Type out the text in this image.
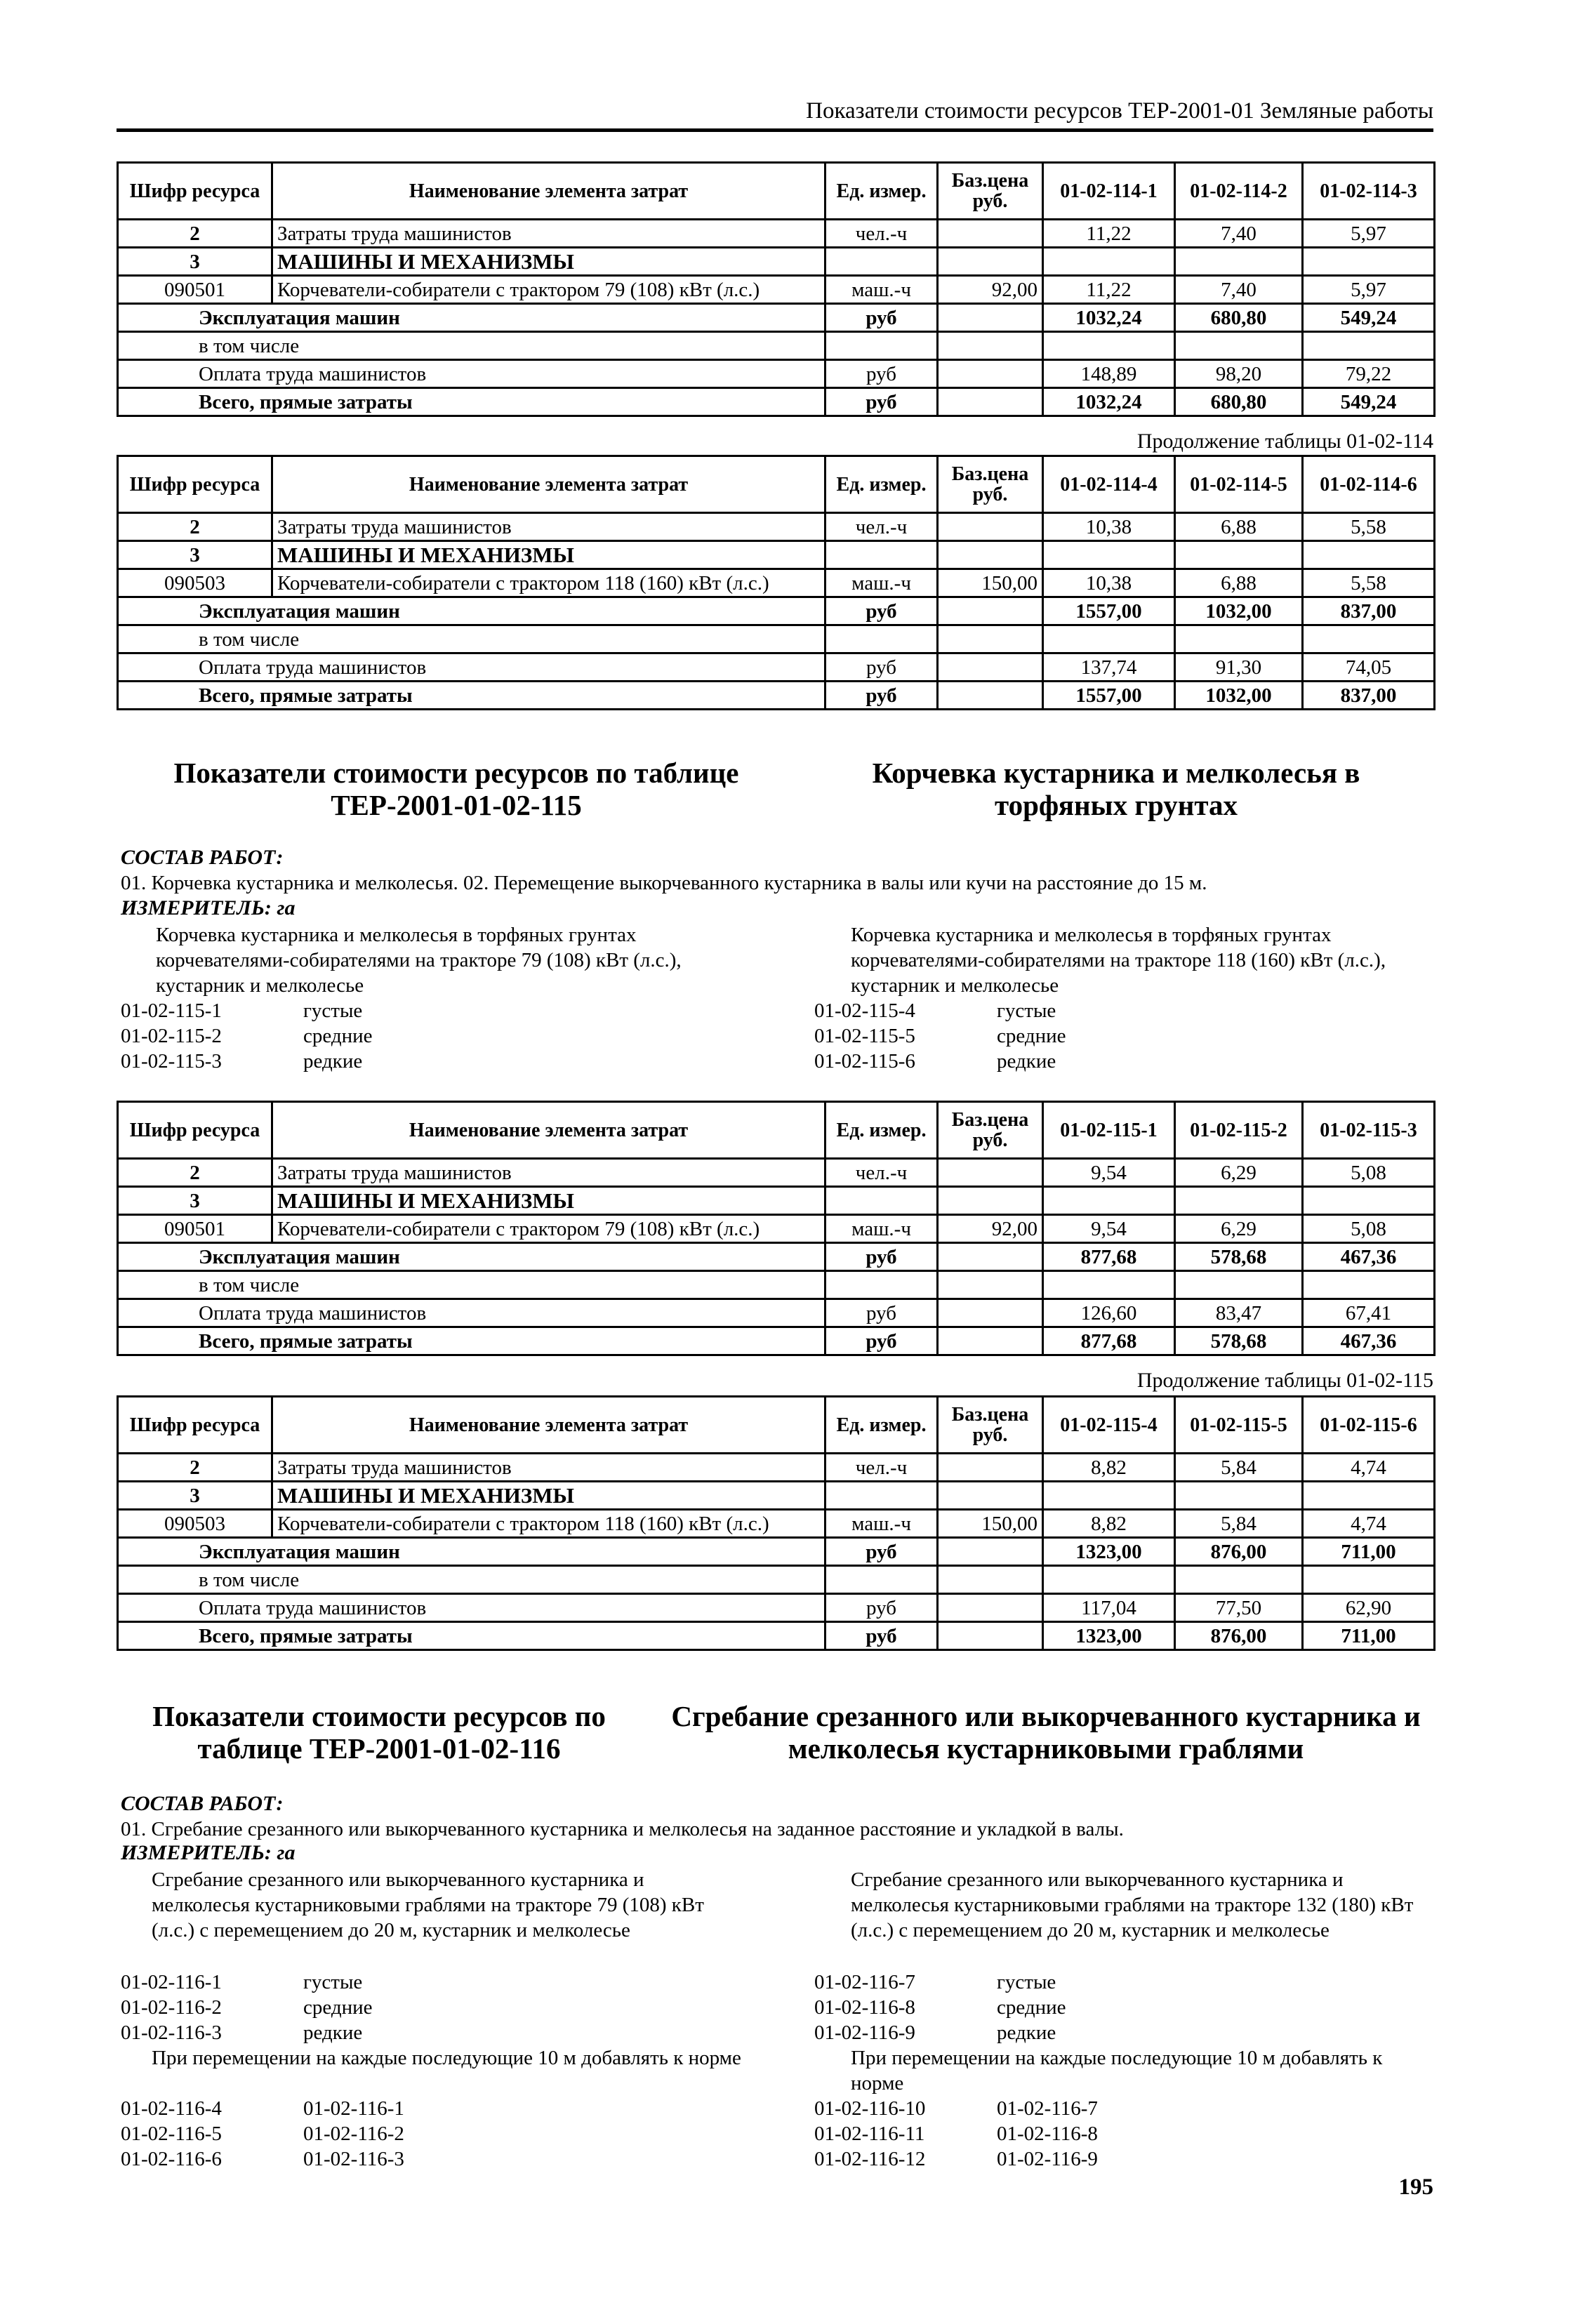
Показатели стоимости ресурсов ТЕР-2001-01 Земляные работы
Шифр ресурса	Наименование элемента затрат	Ед. измер.	Баз.цена руб.	01-02-114-1	01-02-114-2	01-02-114-3
2	Затраты труда машинистов	чел.-ч		11,22	7,40	5,97
3	МАШИНЫ И МЕХАНИЗМЫ					
090501	Корчеватели-собиратели с трактором 79 (108) кВт (л.с.)	маш.-ч	92,00	11,22	7,40	5,97
Эксплуатация машин		руб		1032,24	680,80	549,24
в том числе						
Оплата труда машинистов		руб		148,89	98,20	79,22
Всего, прямые затраты		руб		1032,24	680,80	549,24
Продолжение таблицы 01-02-114
Шифр ресурса	Наименование элемента затрат	Ед. измер.	Баз.цена руб.	01-02-114-4	01-02-114-5	01-02-114-6
2	Затраты труда машинистов	чел.-ч		10,38	6,88	5,58
3	МАШИНЫ И МЕХАНИЗМЫ					
090503	Корчеватели-собиратели с трактором 118 (160) кВт (л.с.)	маш.-ч	150,00	10,38	6,88	5,58
Эксплуатация машин		руб		1557,00	1032,00	837,00
в том числе						
Оплата труда машинистов		руб		137,74	91,30	74,05
Всего, прямые затраты		руб		1557,00	1032,00	837,00
Показатели стоимости ресурсов по таблице ТЕР-2001-01-02-115
Корчевка кустарника и мелколесья в торфяных грунтах
СОСТАВ РАБОТ:
01. Корчевка кустарника и мелколесья. 02. Перемещение выкорчеванного кустарника в валы или кучи на расстояние до 15 м.
ИЗМЕРИТЕЛЬ: га
Корчевка кустарника и мелколесья в торфяных грунтах корчевателями-собирателями на тракторе 79 (108) кВт (л.с.), кустарник и мелколесье
Корчевка кустарника и мелколесья в торфяных грунтах корчевателями-собирателями на тракторе 118 (160) кВт (л.с.), кустарник и мелколесье
01-02-115-1	густые
01-02-115-2	средние
01-02-115-3	редкие
01-02-115-4	густые
01-02-115-5	средние
01-02-115-6	редкие
Шифр ресурса	Наименование элемента затрат	Ед. измер.	Баз.цена руб.	01-02-115-1	01-02-115-2	01-02-115-3
2	Затраты труда машинистов	чел.-ч		9,54	6,29	5,08
3	МАШИНЫ И МЕХАНИЗМЫ					
090501	Корчеватели-собиратели с трактором 79 (108) кВт (л.с.)	маш.-ч	92,00	9,54	6,29	5,08
Эксплуатация машин		руб		877,68	578,68	467,36
в том числе						
Оплата труда машинистов		руб		126,60	83,47	67,41
Всего, прямые затраты		руб		877,68	578,68	467,36
Продолжение таблицы 01-02-115
Шифр ресурса	Наименование элемента затрат	Ед. измер.	Баз.цена руб.	01-02-115-4	01-02-115-5	01-02-115-6
2	Затраты труда машинистов	чел.-ч		8,82	5,84	4,74
3	МАШИНЫ И МЕХАНИЗМЫ					
090503	Корчеватели-собиратели с трактором 118 (160) кВт (л.с.)	маш.-ч	150,00	8,82	5,84	4,74
Эксплуатация машин		руб		1323,00	876,00	711,00
в том числе						
Оплата труда машинистов		руб		117,04	77,50	62,90
Всего, прямые затраты		руб		1323,00	876,00	711,00
Показатели стоимости ресурсов по таблице ТЕР-2001-01-02-116
Сгребание срезанного или выкорчеванного кустарника и мелколесья кустарниковыми граблями
СОСТАВ РАБОТ:
01. Сгребание срезанного или выкорчеванного кустарника и мелколесья на заданное расстояние и укладкой в валы.
ИЗМЕРИТЕЛЬ: га
Сгребание срезанного или выкорчеванного кустарника и мелколесья кустарниковыми граблями на тракторе 79 (108) кВт (л.с.) с перемещением до 20 м, кустарник и мелколесье
Сгребание срезанного или выкорчеванного кустарника и мелколесья кустарниковыми граблями на тракторе 132 (180) кВт (л.с.) с перемещением до 20 м, кустарник и мелколесье
01-02-116-1	густые
01-02-116-2	средние
01-02-116-3	редкие
01-02-116-7	густые
01-02-116-8	средние
01-02-116-9	редкие
При перемещении на каждые последующие 10 м добавлять к норме	При перемещении на каждые последующие 10 м добавлять к норме
01-02-116-4	01-02-116-1
01-02-116-5	01-02-116-2
01-02-116-6	01-02-116-3
01-02-116-10	01-02-116-7
01-02-116-11	01-02-116-8
01-02-116-12	01-02-116-9
195
